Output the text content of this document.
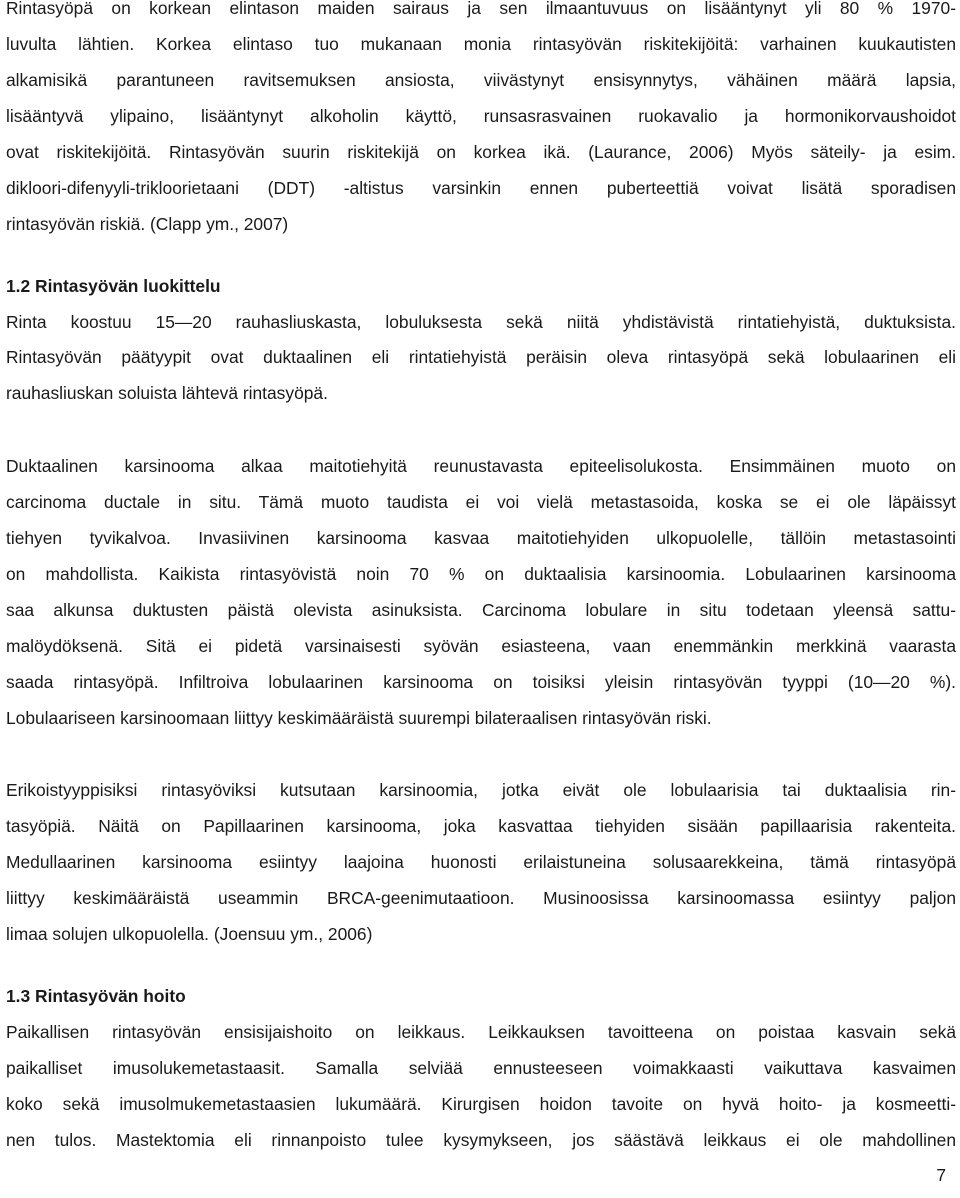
Rintasyöpä on korkean elintason maiden sairaus ja sen ilmaantuvuus on lisääntynyt yli 80 % 1970-
luvulta lähtien. Korkea elintaso tuo mukanaan monia rintasyövän riskitekijöitä: varhainen kuukautisten
alkamisikä parantuneen ravitsemuksen ansiosta, viivästynyt ensisynnytys, vähäinen määrä lapsia,
lisääntyvä ylipaino, lisääntynyt alkoholin käyttö, runsasrasvainen ruokavalio ja hormonikorvaushoidot
ovat riskitekijöitä. Rintasyövän suurin riskitekijä on korkea ikä. (Laurance, 2006) Myös säteily- ja esim.
dikloori-difenyyli-trikloorietaani (DDT) -altistus varsinkin ennen puberteettiä voivat lisätä sporadisen
rintasyövän riskiä. (Clapp ym., 2007)
1.2 Rintasyövän luokittelu
Rinta koostuu 15—20 rauhasliuskasta, lobuluksesta sekä niitä yhdistävistä rintatiehyistä, duktuksista.
Rintasyövän päätyypit ovat duktaalinen eli rintatiehyistä peräisin oleva rintasyöpä sekä lobulaarinen eli
rauhasliuskan soluista lähtevä rintasyöpä.
Duktaalinen karsinooma alkaa maitotiehyitä reunustavasta epiteelisolukosta. Ensimmäinen muoto on
carcinoma ductale in situ. Tämä muoto taudista ei voi vielä metastasoida, koska se ei ole läpäissyt
tiehyen tyvikalvoa. Invasiivinen karsinooma kasvaa maitotiehyiden ulkopuolelle, tällöin metastasointi
on mahdollista. Kaikista rintasyövistä noin 70 % on duktaalisia karsinoomia. Lobulaarinen karsinooma
saa alkunsa duktusten päistä olevista asinuksista. Carcinoma lobulare in situ todetaan yleensä sattu-
malöydöksenä. Sitä ei pidetä varsinaisesti syövän esiasteena, vaan enemmänkin merkkinä vaarasta
saada rintasyöpä. Infiltroiva lobulaarinen karsinooma on toisiksi yleisin rintasyövän tyyppi (10—20 %).
Lobulaariseen karsinoomaan liittyy keskimääräistä suurempi bilateraalisen rintasyövän riski.
Erikoistyyppisiksi rintasyöviksi kutsutaan karsinoomia, jotka eivät ole lobulaarisia tai duktaalisia rin-
tasyöpiä. Näitä on Papillaarinen karsinooma, joka kasvattaa tiehyiden sisään papillaarisia rakenteita.
Medullaarinen karsinooma esiintyy laajoina huonosti erilaistuneina solusaarekkeina, tämä rintasyöpä
liittyy keskimääräistä useammin BRCA-geenimutaatioon. Musinoosissa karsinoomassa esiintyy paljon
limaa solujen ulkopuolella. (Joensuu ym., 2006)
1.3 Rintasyövän hoito
Paikallisen rintasyövän ensisijaishoito on leikkaus. Leikkauksen tavoitteena on poistaa kasvain sekä
paikalliset imusolukemetastaasit. Samalla selviää ennusteeseen voimakkaasti vaikuttava kasvaimen
koko sekä imusolmukemetastaasien lukumäärä. Kirurgisen hoidon tavoite on hyvä hoito- ja kosmeetti-
nen tulos. Mastektomia eli rinnanpoisto tulee kysymykseen, jos säästävä leikkaus ei ole mahdollinen
7
